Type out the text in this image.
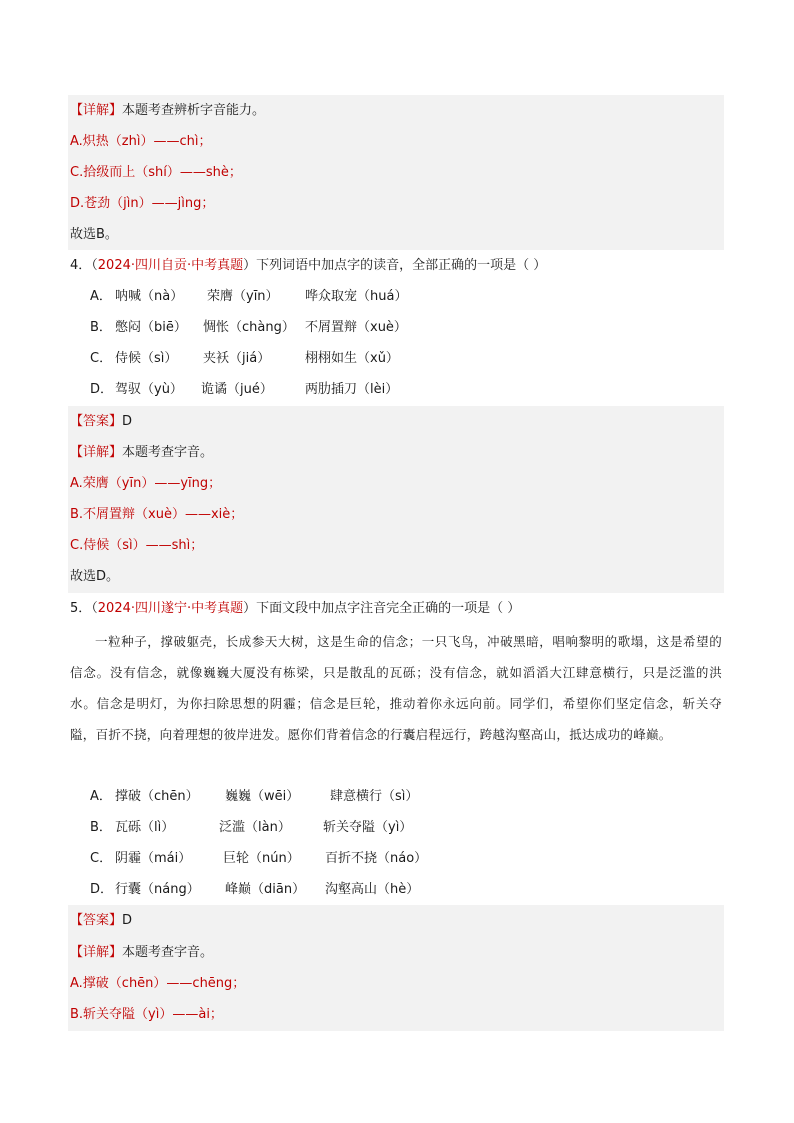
【详解】本题考查辨析字音能力。
A.炽热（zhì）——chì；
C.拾级而上（shí）——shè；
D.苍劲（jìn）——jìng；
故选B。
4．（2024·四川自贡·中考真题）下列词语中加点字的读音，全部正确的一项是（ ）
A． 呐喊（nà） 荣膺（yīn） 哗众取宠（huá）
B． 憋闷（biē） 惆怅（chàng） 不屑置辩（xuè）
C． 侍候（sì） 夹袄（jiá）	栩栩如生（xǔ）
D． 驾驭（yù） 诡谲（jué） 两肋插刀（lèi）
【答案】D
【详解】本题考查字音。
A.荣膺（yīn）——yīng；
B.不屑置辩（xuè）——xiè；
C.侍候（sì）——shì；
故选D。
5．（2024·四川遂宁·中考真题）下面文段中加点字注音完全正确的一项是（ ）
一粒种子，撑破躯壳，长成参天大树，这是生命的信念；一只飞鸟，冲破黑暗，唱响黎明的歌塌，这是希望的信念。没有信念，就像巍巍大厦没有栋梁，只是散乱的瓦砾；没有信念，就如滔滔大江肆意横行，只是泛滥的洪水。信念是明灯，为你扫除思想的阴霾；信念是巨轮，推动着你永远向前。同学们，希望你们坚定信念，斩关夺隘，百折不挠，向着理想的彼岸进发。愿你们背着信念的行囊启程远行，跨越沟壑高山，抵达成功的峰巅。
A． 撑破（chēn） 巍巍（wēi） 肆意横行（sì）
B． 瓦砾（lì）	泛滥（làn） 斩关夺隘（yì）
C． 阴霾（mái） 巨轮（nún） 百折不挠（náo）
D． 行囊（náng） 峰巅（diān） 沟壑高山（hè）
【答案】D
【详解】本题考查字音。
A.撑破（chēn）——chēng；
B.斩关夺隘（yì）——ài；
